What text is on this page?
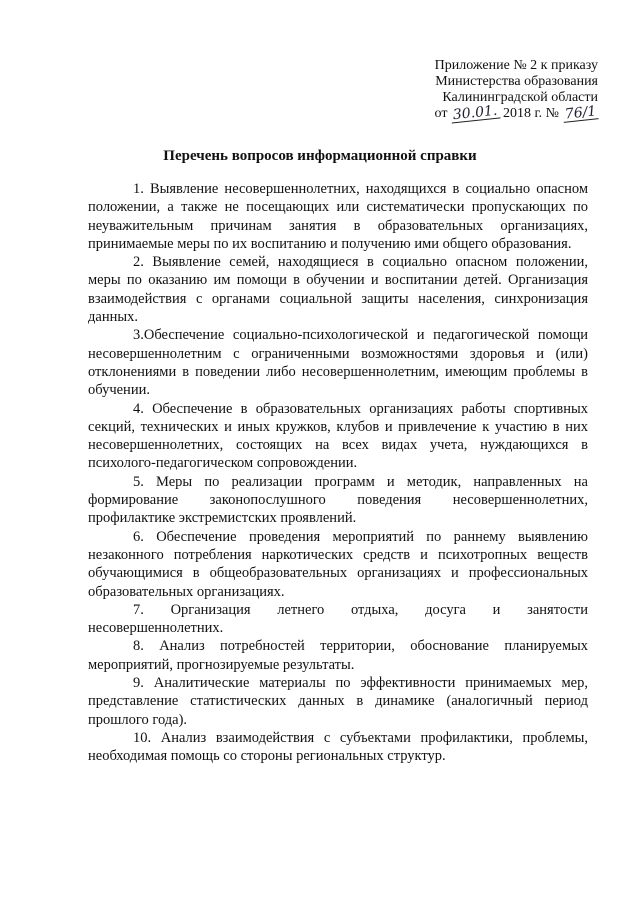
Приложение № 2 к приказу
Министерства образования
Калининградской области
от 30.01. 2018 г. № 76/1
Перечень вопросов информационной справки

1. Выявление несовершеннолетних, находящихся в социально опасном положении, а также не посещающих или систематически пропускающих по неуважительным причинам занятия в образовательных организациях, принимаемые меры по их воспитанию и получению ими общего образования.

2. Выявление семей, находящиеся в социально опасном положении, меры по оказанию им помощи в обучении и воспитании детей. Организация взаимодействия с органами социальной защиты населения, синхронизация данных.

3.Обеспечение социально-психологической и педагогической помощи несовершеннолетним с ограниченными возможностями здоровья и (или) отклонениями в поведении либо несовершеннолетним, имеющим проблемы в обучении.

4. Обеспечение в образовательных организациях работы спортивных секций, технических и иных кружков, клубов и привлечение к участию в них несовершеннолетних, состоящих на всех видах учета, нуждающихся в психолого-педагогическом сопровождении.

5. Меры по реализации программ и методик, направленных на формирование законопослушного поведения несовершеннолетних, профилактике экстремистских проявлений.

6. Обеспечение проведения мероприятий по раннему выявлению незаконного потребления наркотических средств и психотропных веществ обучающимися в общеобразовательных организациях и профессиональных образовательных организациях.

7. Организация летнего отдыха, досуга и занятости несовершеннолетних.

8. Анализ потребностей территории, обоснование планируемых мероприятий, прогнозируемые результаты.

9. Аналитические материалы по эффективности принимаемых мер, представление статистических данных в динамике (аналогичный период прошлого года).

10. Анализ взаимодействия с субъектами профилактики, проблемы, необходимая помощь со стороны региональных структур.
